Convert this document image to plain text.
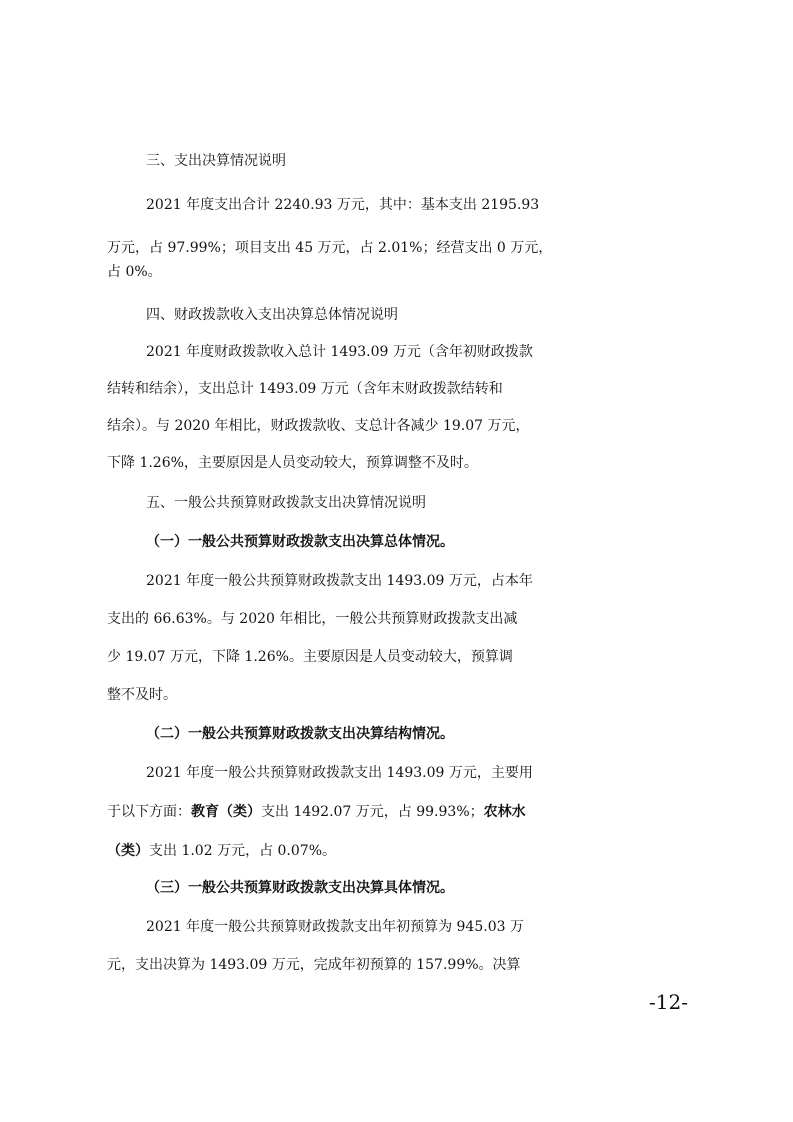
三、支出决算情况说明
2021 年度支出合计 2240.93 万元，其中：基本支出 2195.93
万元，占 97.99%；项目支出 45 万元，占 2.01%；经营支出 0 万元，
占 0%。
四、财政拨款收入支出决算总体情况说明
2021 年度财政拨款收入总计 1493.09 万元（含年初财政拨款
结转和结余），支出总计 1493.09 万元（含年末财政拨款结转和
结余）。与 2020 年相比，财政拨款收、支总计各减少 19.07 万元，
下降 1.26%，主要原因是人员变动较大，预算调整不及时。
五、一般公共预算财政拨款支出决算情况说明
（一）一般公共预算财政拨款支出决算总体情况。
2021 年度一般公共预算财政拨款支出 1493.09 万元，占本年
支出的 66.63%。与 2020 年相比，一般公共预算财政拨款支出减
少 19.07 万元，下降 1.26%。主要原因是人员变动较大，预算调
整不及时。
（二）一般公共预算财政拨款支出决算结构情况。
2021 年度一般公共预算财政拨款支出 1493.09 万元，主要用
于以下方面：教育（类）支出 1492.07 万元，占 99.93%；农林水
（类）支出 1.02 万元，占 0.07%。
（三）一般公共预算财政拨款支出决算具体情况。
2021 年度一般公共预算财政拨款支出年初预算为 945.03 万
元，支出决算为 1493.09 万元，完成年初预算的 157.99%。决算
-12-
